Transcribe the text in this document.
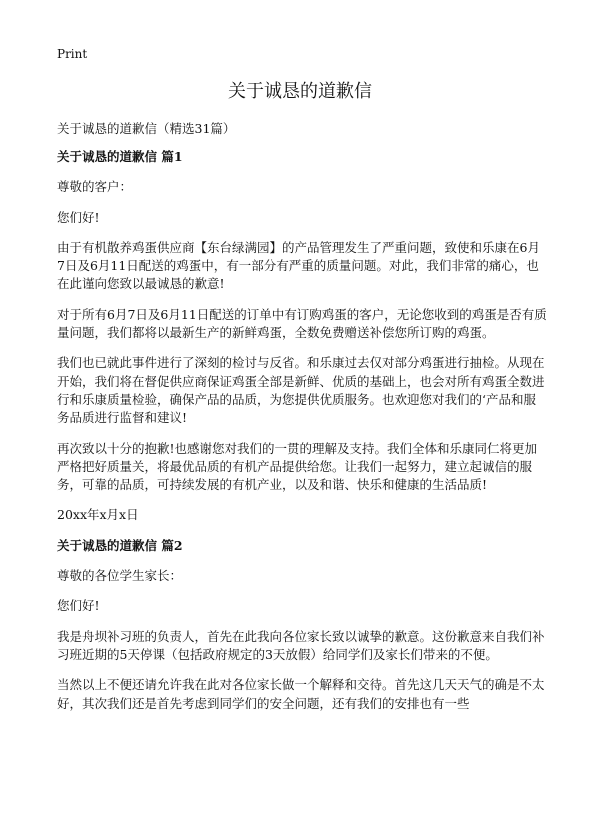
Print
关于诚恳的道歉信
关于诚恳的道歉信（精选31篇）

关于诚恳的道歉信 篇1

尊敬的客户：

您们好!

由于有机散养鸡蛋供应商【东台绿满园】的产品管理发生了严重问题，致使和乐康在6月7日及6月11日配送的鸡蛋中，有一部分有严重的质量问题。对此，我们非常的痛心，也在此谨向您致以最诚恳的歉意!

对于所有6月7日及6月11日配送的订单中有订购鸡蛋的客户，无论您收到的鸡蛋是否有质量问题，我们都将以最新生产的新鲜鸡蛋，全数免费赠送补偿您所订购的鸡蛋。

我们也已就此事件进行了深刻的检讨与反省。和乐康过去仅对部分鸡蛋进行抽检。从现在开始，我们将在督促供应商保证鸡蛋全部是新鲜、优质的基础上，也会对所有鸡蛋全数进行和乐康质量检验，确保产品的品质，为您提供优质服务。也欢迎您对我们的‘产品和服务品质进行监督和建议!

再次致以十分的抱歉!也感谢您对我们的一贯的理解及支持。我们全体和乐康同仁将更加严格把好质量关，将最优品质的有机产品提供给您。让我们一起努力，建立起诚信的服务，可靠的品质，可持续发展的有机产业，以及和谐、快乐和健康的生活品质!

20xx年x月x日

关于诚恳的道歉信 篇2

尊敬的各位学生家长：

您们好!

我是舟坝补习班的负责人，首先在此我向各位家长致以诚挚的歉意。这份歉意来自我们补习班近期的5天停课（包括政府规定的3天放假）给同学们及家长们带来的不便。

当然以上不便还请允许我在此对各位家长做一个解释和交待。首先这几天天气的确是不太好，其次我们还是首先考虑到同学们的安全问题，还有我们的安排也有一些
